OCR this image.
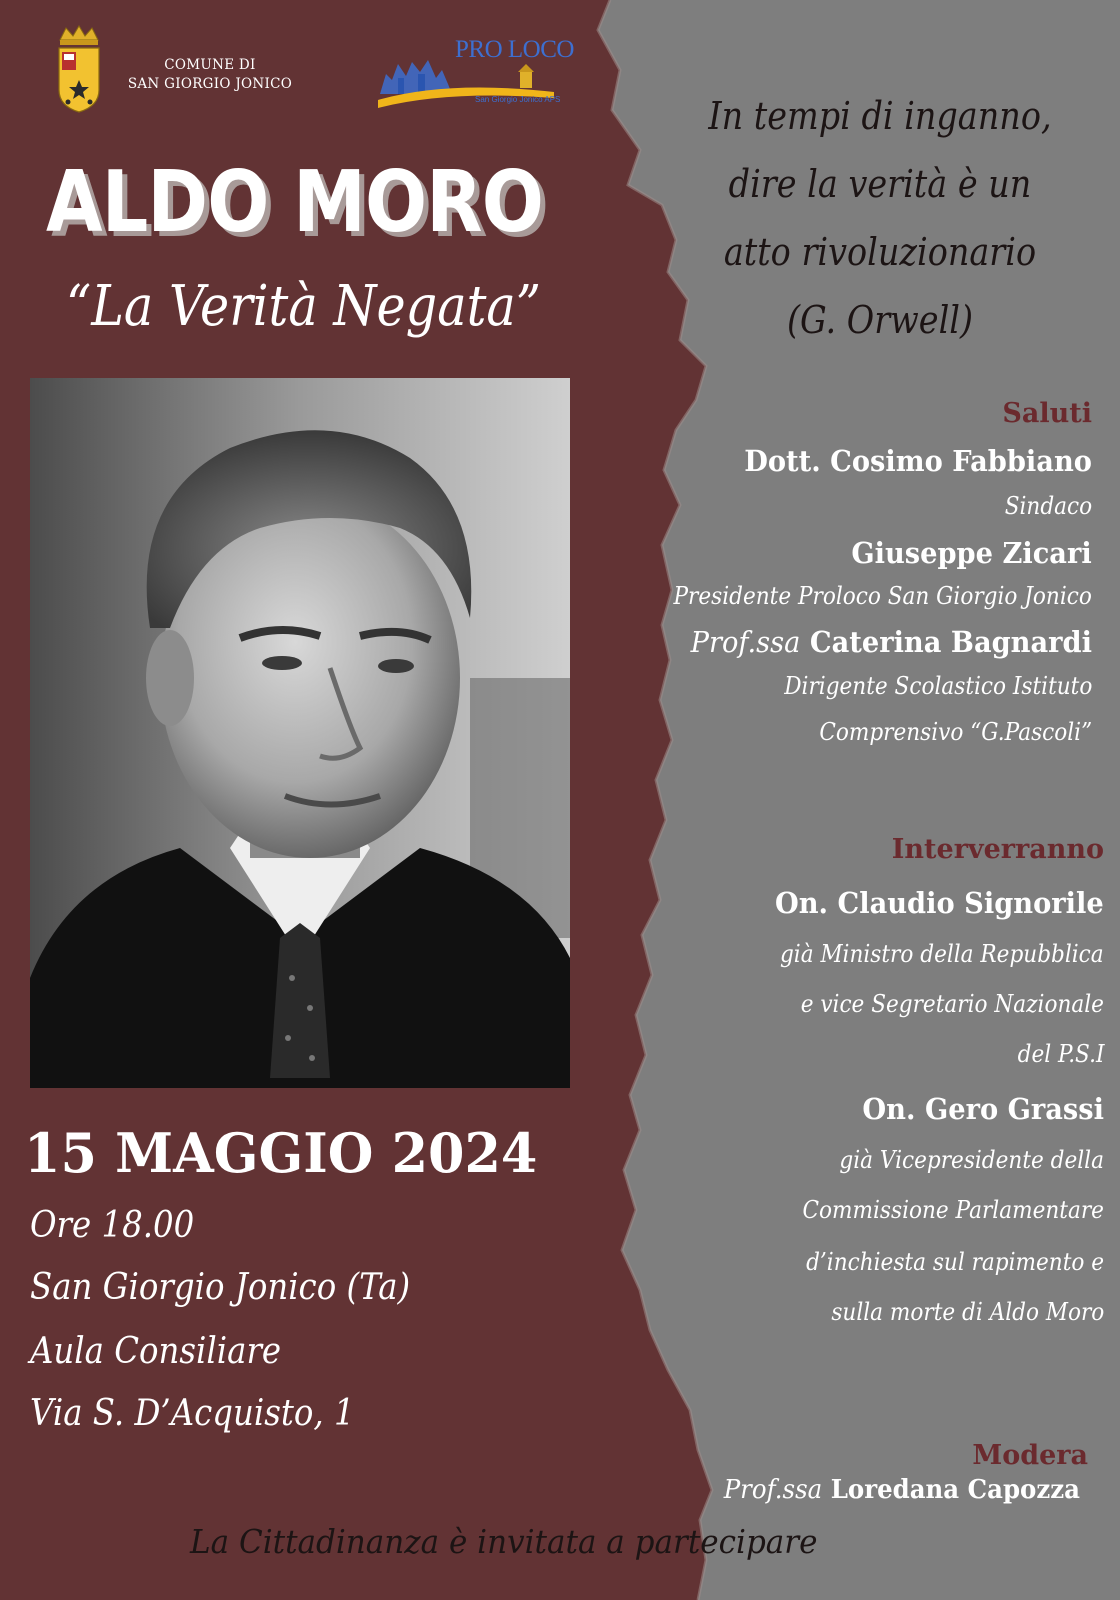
COMUNE DI
SAN GIORGIO JONICO
PRO LOCO
San Giorgio Jonico APS
ALDO MORO
“La Verità Negata”
15 MAGGIO 2024
Ore 18.00
San Giorgio Jonico (Ta)
Aula Consiliare
Via S. D’Acquisto, 1
In tempi di inganno,
dire la verità è un
atto rivoluzionario
(G. Orwell)
Saluti
Dott. Cosimo Fabbiano
Sindaco
Giuseppe Zicari
Presidente Proloco San Giorgio Jonico
Prof.ssa Caterina Bagnardi
Dirigente Scolastico Istituto
Comprensivo “G.Pascoli”
Interverranno
On. Claudio Signorile
già Ministro della Repubblica
e vice Segretario Nazionale
del P.S.I
On. Gero Grassi
già Vicepresidente della
Commissione Parlamentare
d’inchiesta sul rapimento e
sulla morte di Aldo Moro
Modera
Prof.ssa Loredana Capozza
La Cittadinanza è invitata a partecipare
